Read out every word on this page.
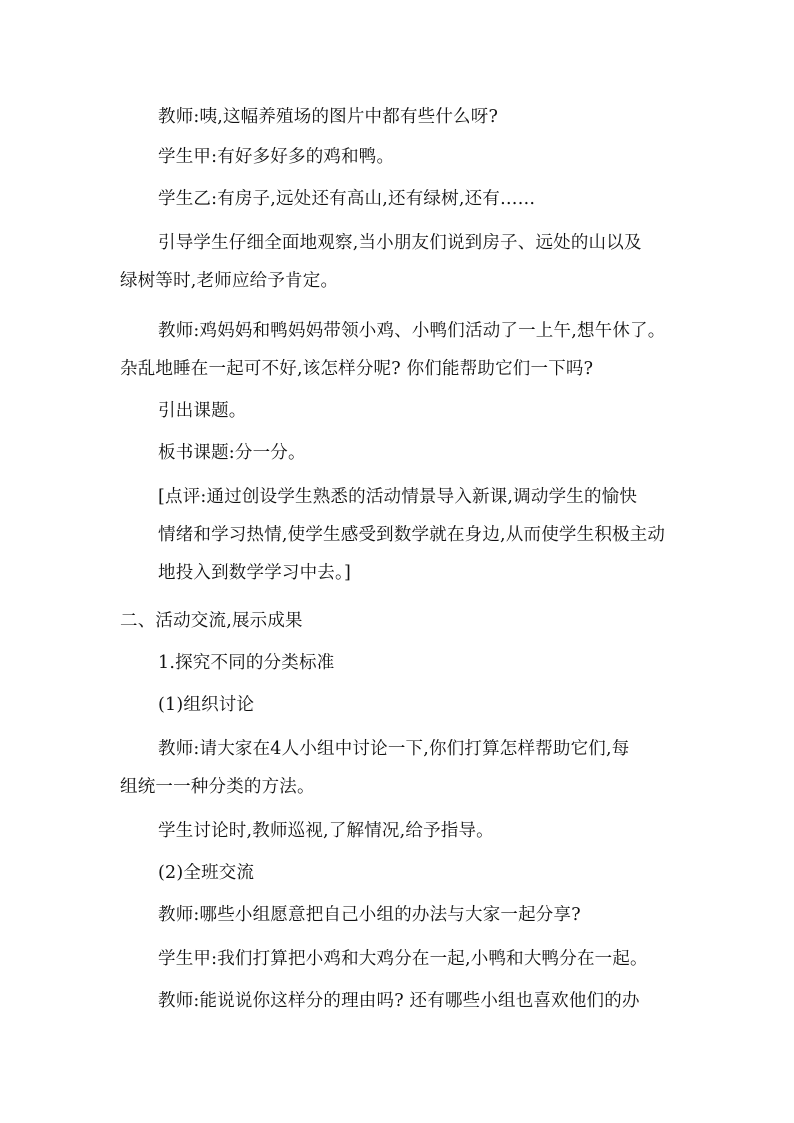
教师:咦,这幅养殖场的图片中都有些什么呀?

学生甲:有好多好多的鸡和鸭。

学生乙:有房子,远处还有高山,还有绿树,还有……

引导学生仔细全面地观察,当小朋友们说到房子、远处的山以及
绿树等时,老师应给予肯定。

教师:鸡妈妈和鸭妈妈带领小鸡、小鸭们活动了一上午,想午休了。
杂乱地睡在一起可不好,该怎样分呢? 你们能帮助它们一下吗?

引出课题。

板书课题:分一分。

[点评:通过创设学生熟悉的活动情景导入新课,调动学生的愉快
情绪和学习热情,使学生感受到数学就在身边,从而使学生积极主动
地投入到数学学习中去。]

二、活动交流,展示成果

1.探究不同的分类标准

(1)组织讨论

教师:请大家在4人小组中讨论一下,你们打算怎样帮助它们,每
组统一一种分类的方法。

学生讨论时,教师巡视,了解情况,给予指导。

(2)全班交流

教师:哪些小组愿意把自己小组的办法与大家一起分享?

学生甲:我们打算把小鸡和大鸡分在一起,小鸭和大鸭分在一起。

教师:能说说你这样分的理由吗? 还有哪些小组也喜欢他们的办
